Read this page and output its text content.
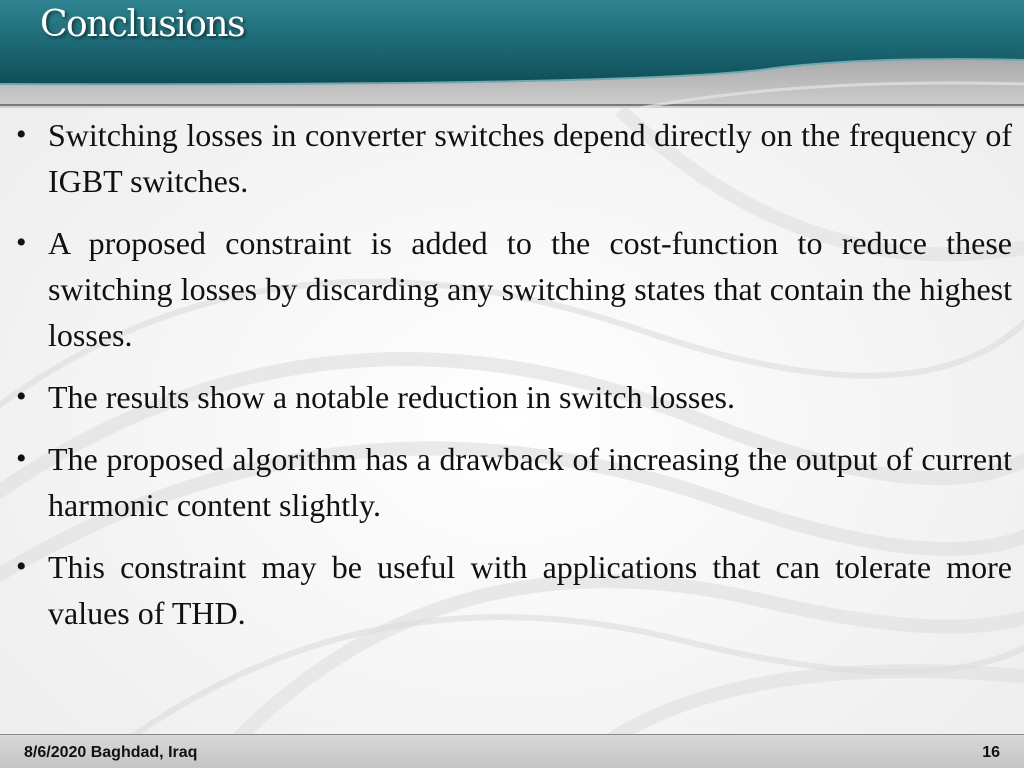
Conclusions
• Switching losses in converter switches depend directly on the frequency of IGBT switches.
• A proposed constraint is added to the cost-function to reduce these switching losses by discarding any switching states that contain the highest losses.
• The results show a notable reduction in switch losses.
• The proposed algorithm has a drawback of increasing the output of current harmonic content slightly.
• This constraint may be useful with applications that can tolerate more values of THD.
8/6/2020 Baghdad, Iraq	16
